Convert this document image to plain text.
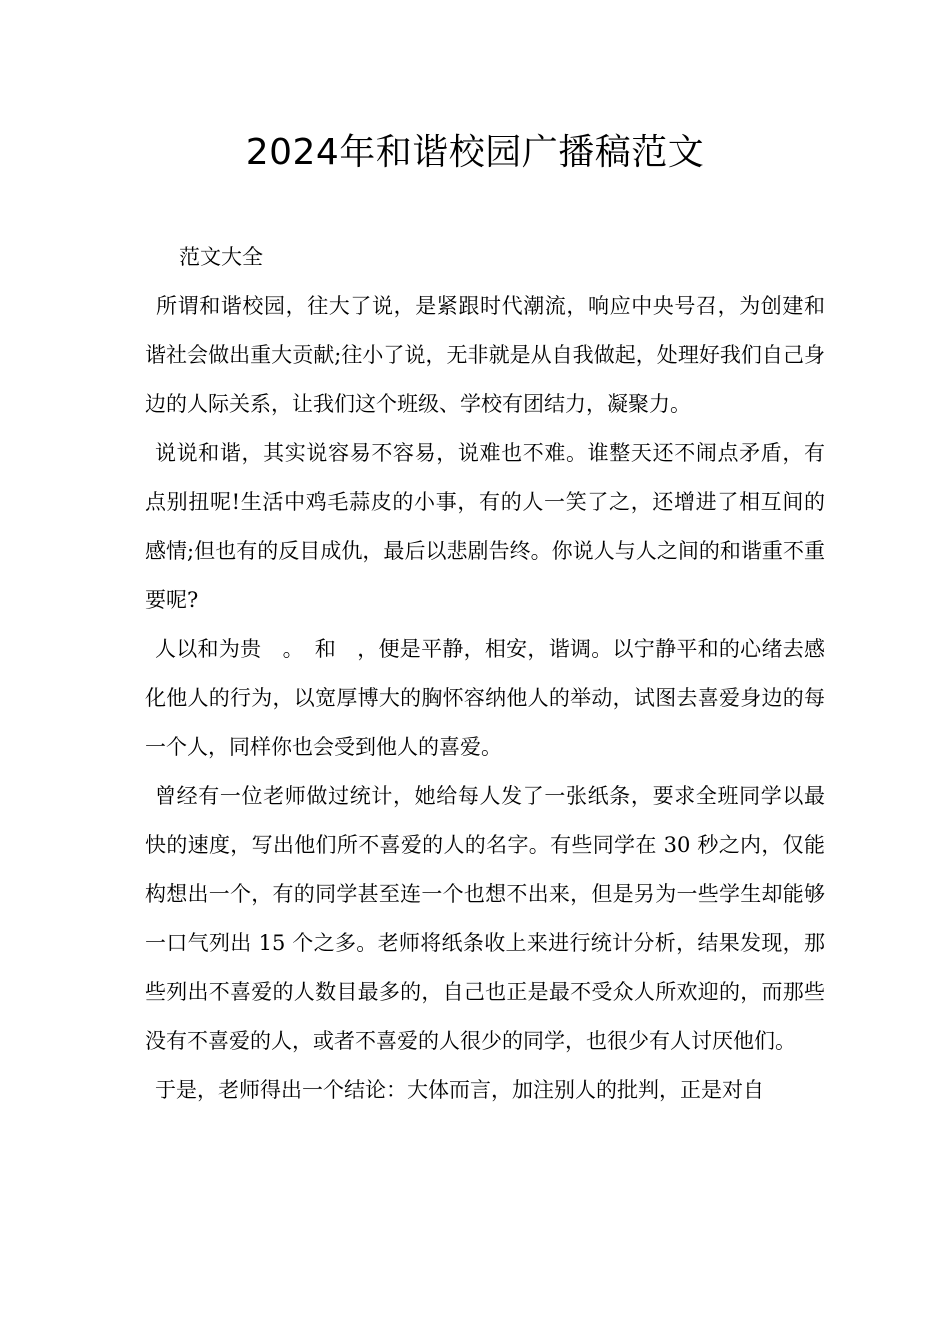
2024年和谐校园广播稿范文

范文大全

所谓和谐校园，往大了说，是紧跟时代潮流，响应中央号召，为创建和谐社会做出重大贡献;往小了说，无非就是从自我做起，处理好我们自己身边的人际关系，让我们这个班级、学校有团结力，凝聚力。

说说和谐，其实说容易不容易，说难也不难。谁整天还不闹点矛盾，有点别扭呢!生活中鸡毛蒜皮的小事，有的人一笑了之，还增进了相互间的感情;但也有的反目成仇，最后以悲剧告终。你说人与人之间的和谐重不重要呢?

人以和为贵　。　和　，便是平静，相安，谐调。以宁静平和的心绪去感化他人的行为，以宽厚博大的胸怀容纳他人的举动，试图去喜爱身边的每一个人，同样你也会受到他人的喜爱。

曾经有一位老师做过统计，她给每人发了一张纸条，要求全班同学以最快的速度，写出他们所不喜爱的人的名字。有些同学在 30 秒之内，仅能构想出一个，有的同学甚至连一个也想不出来，但是另为一些学生却能够一口气列出 15 个之多。老师将纸条收上来进行统计分析，结果发现，那些列出不喜爱的人数目最多的，自己也正是最不受众人所欢迎的，而那些没有不喜爱的人，或者不喜爱的人很少的同学，也很少有人讨厌他们。

于是，老师得出一个结论：大体而言，加注别人的批判，正是对自
